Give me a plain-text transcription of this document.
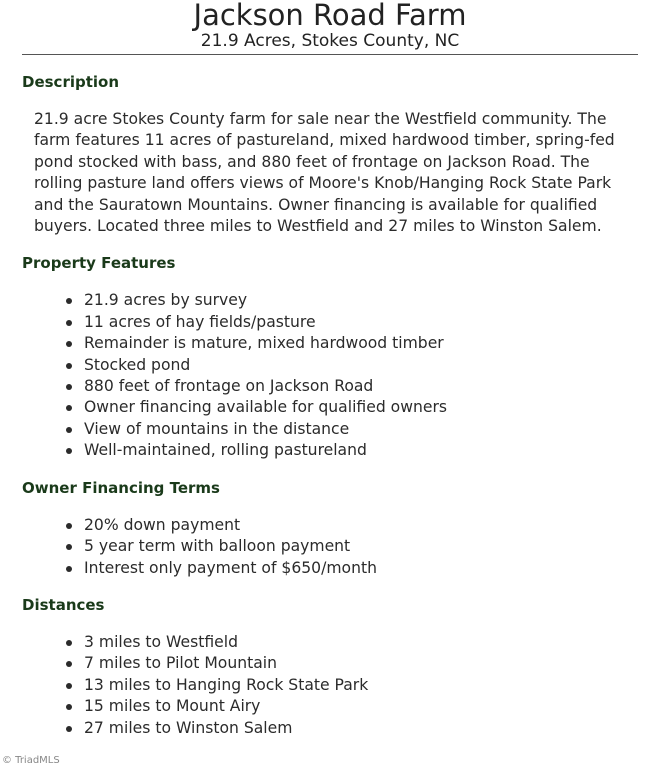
Jackson Road Farm
21.9 Acres, Stokes County, NC
Description

21.9 acre Stokes County farm for sale near the Westfield community. The farm features 11 acres of pastureland, mixed hardwood timber, spring-fed pond stocked with bass, and 880 feet of frontage on Jackson Road. The rolling pasture land offers views of Moore's Knob/Hanging Rock State Park and the Sauratown Mountains. Owner financing is available for qualified buyers. Located three miles to Westfield and 27 miles to Winston Salem.

Property Features
21.9 acres by survey
11 acres of hay fields/pasture
Remainder is mature, mixed hardwood timber
Stocked pond
880 feet of frontage on Jackson Road
Owner financing available for qualified owners
View of mountains in the distance
Well-maintained, rolling pastureland
Owner Financing Terms
20% down payment
5 year term with balloon payment
Interest only payment of $650/month
Distances
3 miles to Westfield
7 miles to Pilot Mountain
13 miles to Hanging Rock State Park
15 miles to Mount Airy
27 miles to Winston Salem
© TriadMLS
